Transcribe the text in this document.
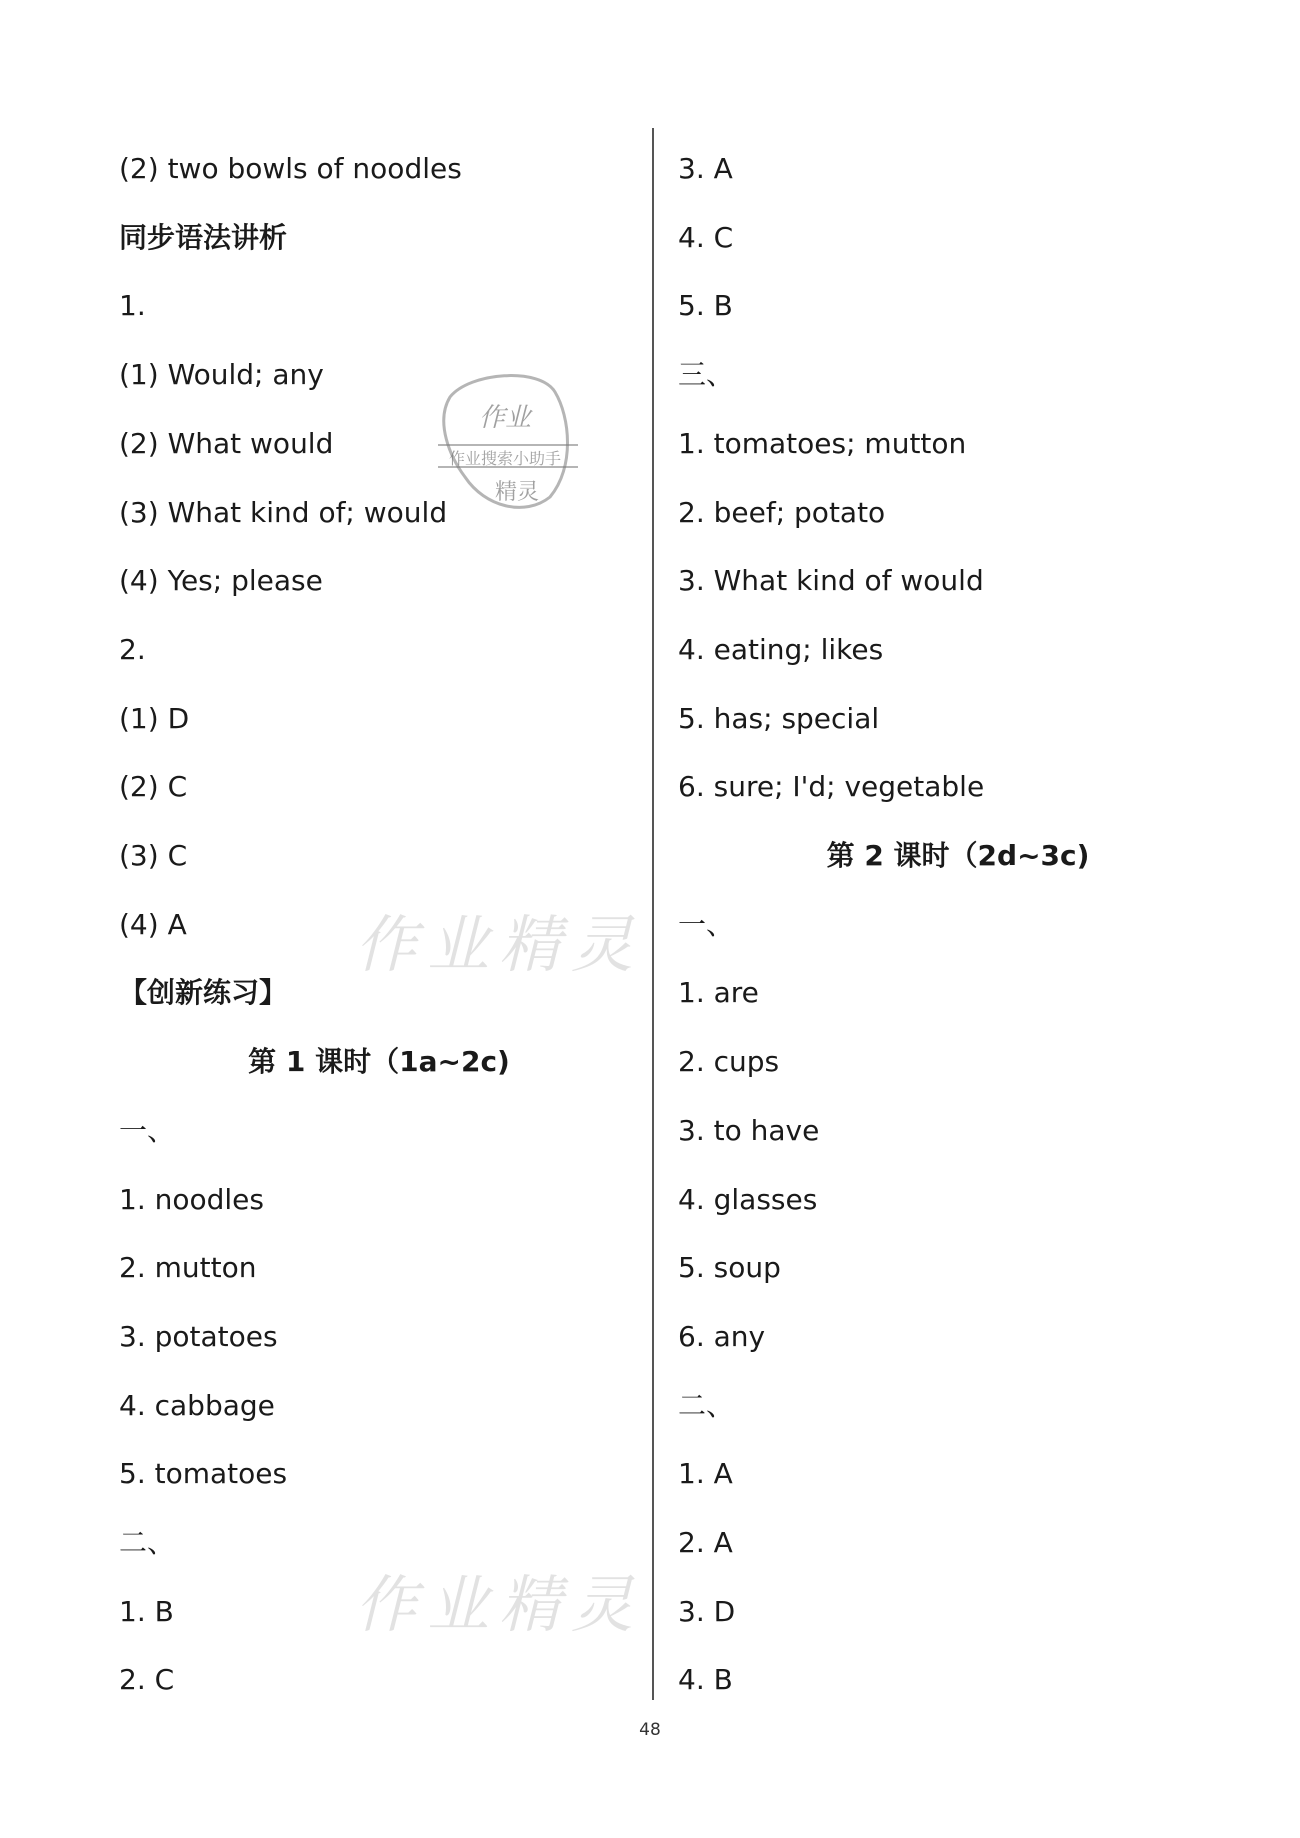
(2) two bowls of noodles
同步语法讲析
1.
(1) Would; any
(2) What would
(3) What kind of; would
(4) Yes; please
2.
(1) D
(2) C
(3) C
(4) A
【创新练习】
第 1 课时（1a~2c)
一、
1. noodles
2. mutton
3. potatoes
4. cabbage
5. tomatoes
二、
1. B
2. C
3. A
4. C
5. B
三、
1. tomatoes; mutton
2. beef; potato
3. What kind of would
4. eating; likes
5. has; special
6. sure; I'd; vegetable
第 2 课时（2d~3c)
一、
1. are
2. cups
3. to have
4. glasses
5. soup
6. any
二、
1. A
2. A
3. D
4. B
作业
作业搜索小助手
精灵
作业精灵
作业精灵
48
